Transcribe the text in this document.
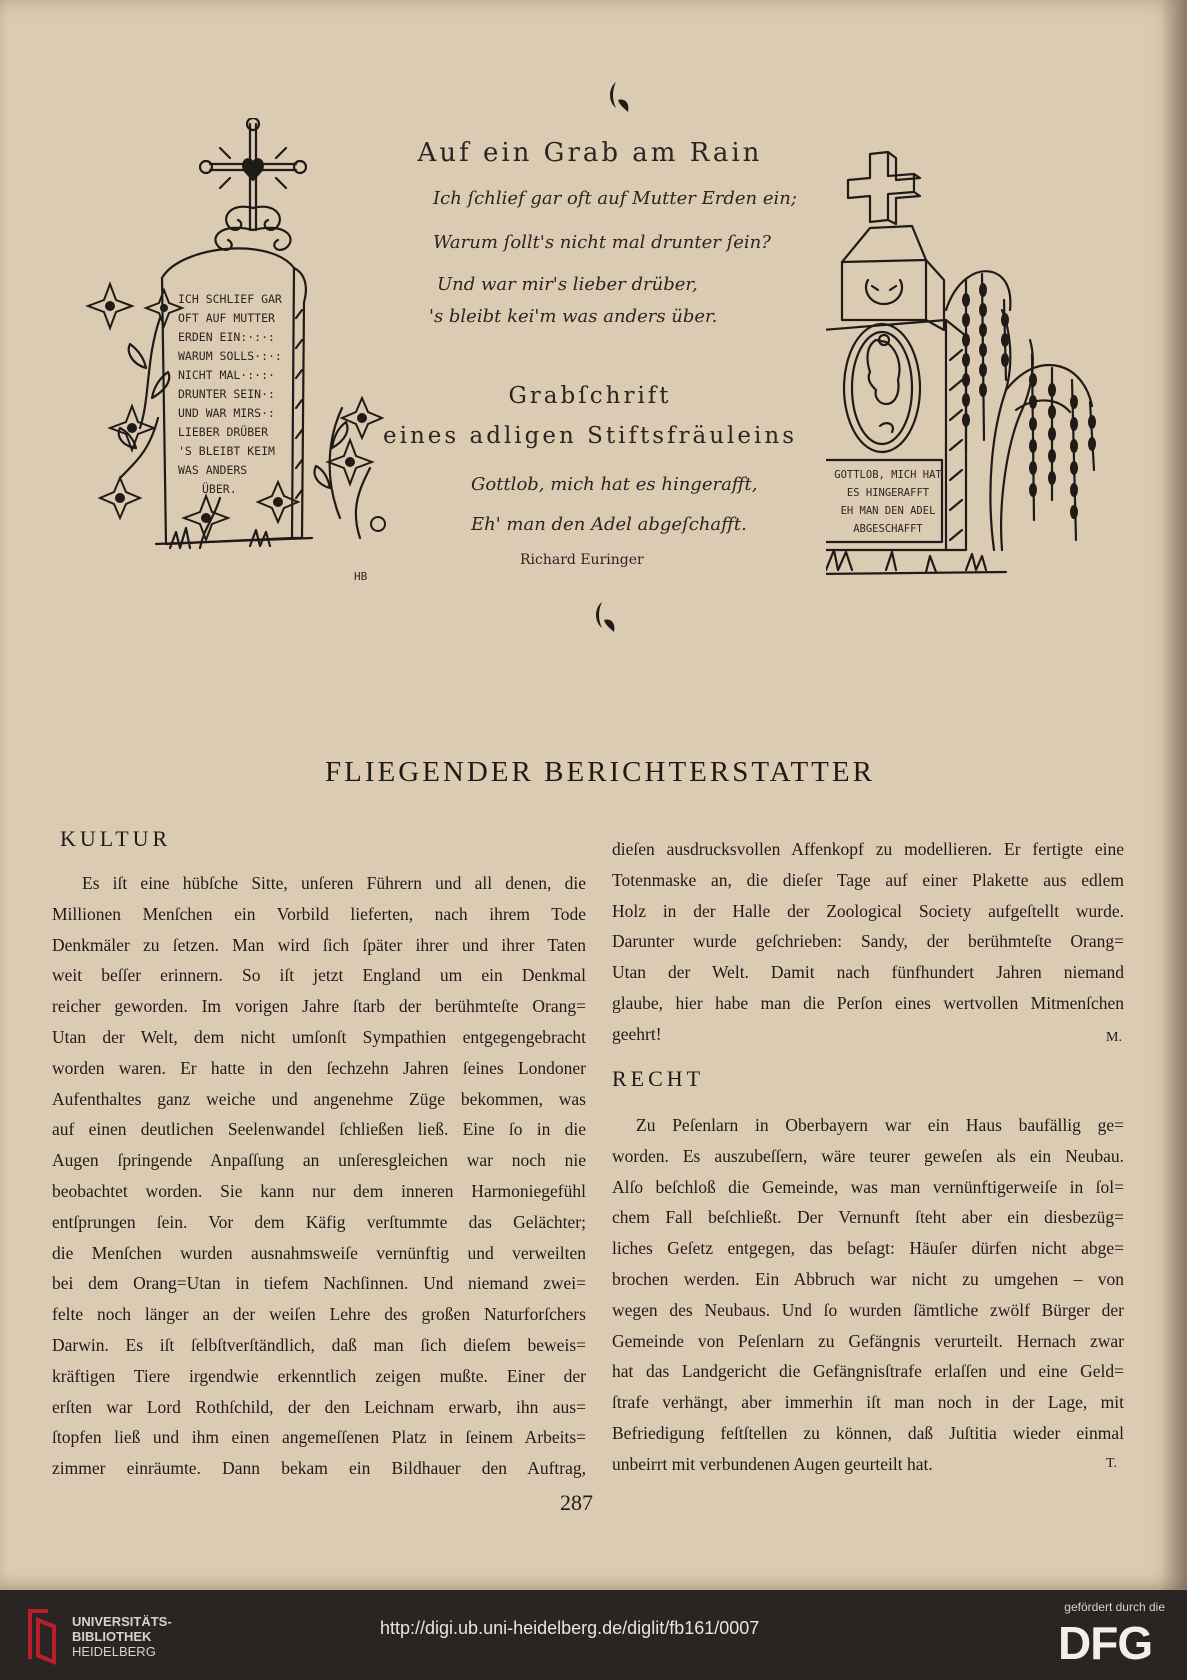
Auf ein Grab am Rain
Ich ſchlief gar oft auf Mutter Erden ein;
Warum ſollt's nicht mal drunter ſein?
Und war mir's lieber drüber,
's bleibt kei'm was anders über.
Grabſchrift
eines adligen Stiftsfräuleins
Gottlob, mich hat es hingerafft,
Eh' man den Adel abgeſchafft.
Richard Euringer
ICH SCHLIEF GAR
OFT AUF MUTTER
ERDEN EIN:·:·:
WARUM SOLLS·:·:
NICHT MAL·:·:·
DRUNTER SEIN·:
UND WAR MIRS·:
LIEBER DRÜBER
'S BLEIBT KEIM
WAS ANDERS
ÜBER.
HB
GOTTLOB, MICH HAT
ES HINGERAFFT
EH MAN DEN ADEL
ABGESCHAFFT
FLIEGENDER BERICHTERSTATTER
KULTUR
Es iſt eine hübſche Sitte, unſeren Führern und all denen, die
Millionen Menſchen ein Vorbild lieferten, nach ihrem Tode
Denkmäler zu ſetzen. Man wird ſich ſpäter ihrer und ihrer Taten
weit beſſer erinnern. So iſt jetzt England um ein Denkmal
reicher geworden. Im vorigen Jahre ſtarb der berühmteſte Orang=
Utan der Welt, dem nicht umſonſt Sympathien entgegengebracht
worden waren. Er hatte in den ſechzehn Jahren ſeines Londoner
Aufenthaltes ganz weiche und angenehme Züge bekommen, was
auf einen deutlichen Seelenwandel ſchließen ließ. Eine ſo in die
Augen ſpringende Anpaſſung an unſeresgleichen war noch nie
beobachtet worden. Sie kann nur dem inneren Harmoniegefühl
entſprungen ſein. Vor dem Käfig verſtummte das Gelächter;
die Menſchen wurden ausnahmsweiſe vernünftig und verweilten
bei dem Orang=Utan in tiefem Nachſinnen. Und niemand zwei=
felte noch länger an der weiſen Lehre des großen Naturforſchers
Darwin. Es iſt ſelbſtverſtändlich, daß man ſich dieſem beweis=
kräftigen Tiere irgendwie erkenntlich zeigen mußte. Einer der
erſten war Lord Rothſchild, der den Leichnam erwarb, ihn aus=
ſtopfen ließ und ihm einen angemeſſenen Platz in ſeinem Arbeits=
zimmer einräumte. Dann bekam ein Bildhauer den Auftrag,
dieſen ausdrucksvollen Affenkopf zu modellieren. Er fertigte eine
Totenmaske an, die dieſer Tage auf einer Plakette aus edlem
Holz in der Halle der Zoological Society aufgeſtellt wurde.
Darunter wurde geſchrieben: Sandy, der berühmteſte Orang=
Utan der Welt. Damit nach fünfhundert Jahren niemand
glaube, hier habe man die Perſon eines wertvollen Mitmenſchen
geehrt!	M.
RECHT
Zu Peſenlarn in Oberbayern war ein Haus baufällig ge=
worden. Es auszubeſſern, wäre teurer geweſen als ein Neubau.
Alſo beſchloß die Gemeinde, was man vernünftigerweiſe in ſol=
chem Fall beſchließt. Der Vernunft ſteht aber ein diesbezüg=
liches Geſetz entgegen, das beſagt: Häuſer dürfen nicht abge=
brochen werden. Ein Abbruch war nicht zu umgehen – von
wegen des Neubaus. Und ſo wurden ſämtliche zwölf Bürger der
Gemeinde von Peſenlarn zu Gefängnis verurteilt. Hernach zwar
hat das Landgericht die Gefängnisſtrafe erlaſſen und eine Geld=
ſtrafe verhängt, aber immerhin iſt man noch in der Lage, mit
Befriedigung feſtſtellen zu können, daß Juſtitia wieder einmal
unbeirrt mit verbundenen Augen geurteilt hat.	T.
287
UNIVERSITÄTS-
BIBLIOTHEK
HEIDELBERG
http://digi.ub.uni-heidelberg.de/diglit/fb161/0007
gefördert durch die
DFG
